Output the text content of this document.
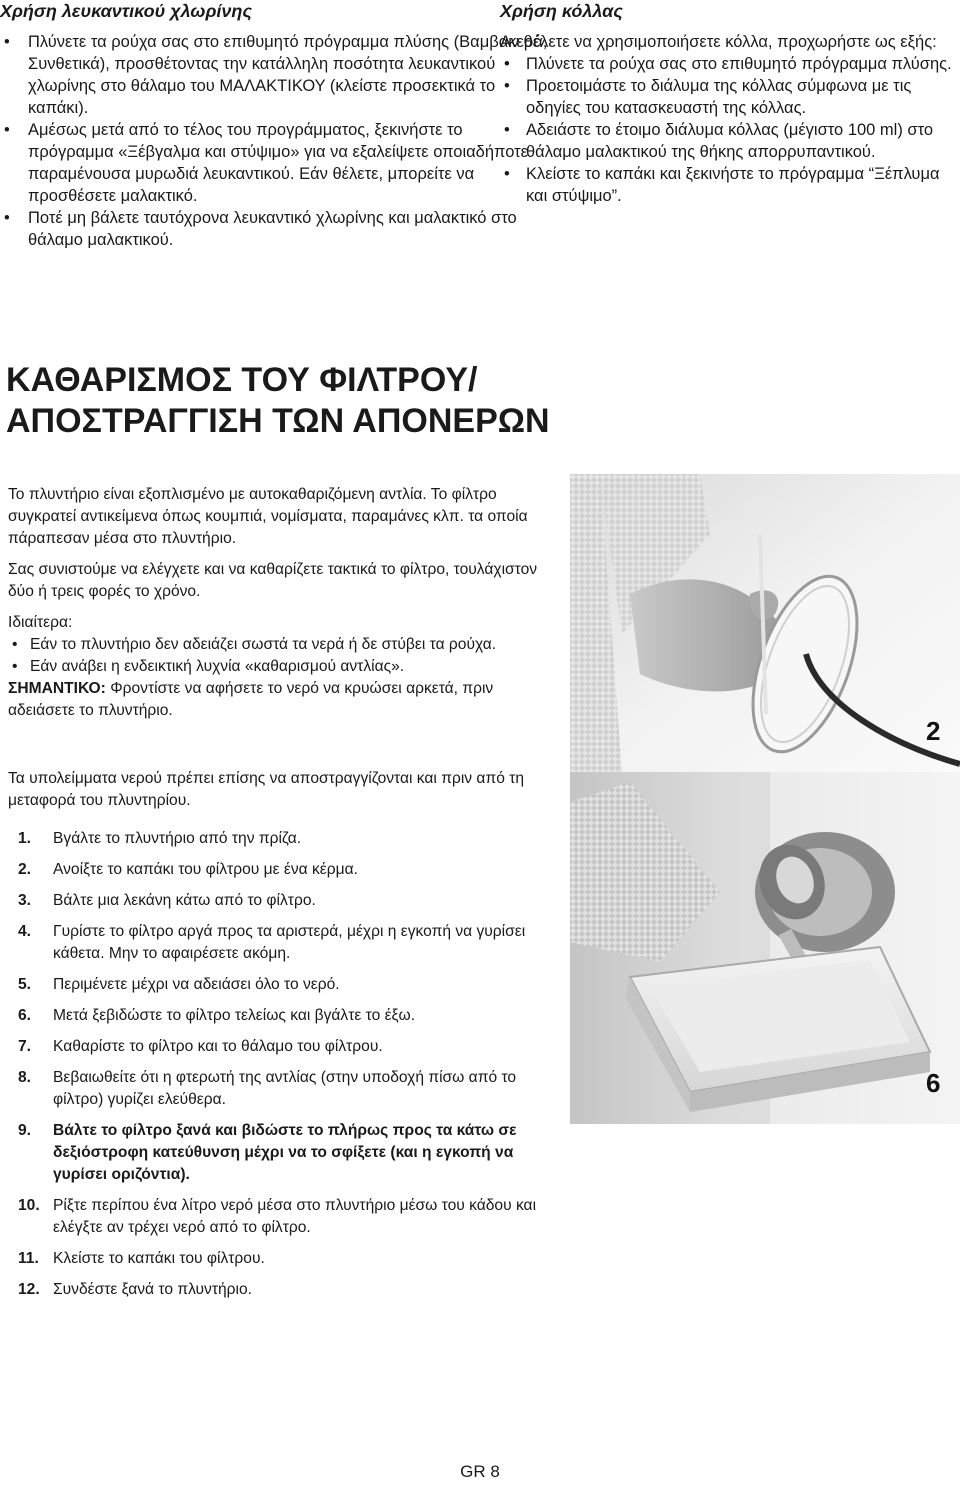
Χρήση λευκαντικού χλωρίνης
• Πλύνετε τα ρούχα σας στο επιθυμητό πρόγραμμα πλύσης (Βαμβακερά, Συνθετικά), προσθέτοντας την κατάλληλη ποσότητα λευκαντικού χλωρίνης στο θάλαμο του ΜΑΛΑΚΤΙΚΟΥ (κλείστε προσεκτικά το καπάκι).
• Αμέσως μετά από το τέλος του προγράμματος, ξεκινήστε το πρόγραμμα «Ξέβγαλμα και στύψιμο» για να εξαλείψετε οποιαδήποτε παραμένουσα μυρωδιά λευκαντικού. Εάν θέλετε, μπορείτε να προσθέσετε μαλακτικό.
• Ποτέ μη βάλετε ταυτόχρονα λευκαντικό χλωρίνης και μαλακτικό στο θάλαμο μαλακτικού.
Χρήση κόλλας

Αν θέλετε να χρησιμοποιήσετε κόλλα, προχωρήστε ως εξής:

• Πλύνετε τα ρούχα σας στο επιθυμητό πρόγραμμα πλύσης.
• Προετοιμάστε το διάλυμα της κόλλας σύμφωνα με τις οδηγίες του κατασκευαστή της κόλλας.
• Αδειάστε το έτοιμο διάλυμα κόλλας (μέγιστο 100 ml) στο θάλαμο μαλακτικού της θήκης απορρυπαντικού.
• Κλείστε το καπάκι και ξεκινήστε το πρόγραμμα “Ξέπλυμα και στύψιμο”.
ΚΑΘΑΡΙΣΜΟΣ ΤΟΥ ΦΙΛΤΡΟΥ/
ΑΠΟΣΤΡΑΓΓΙΣΗ ΤΩΝ ΑΠΟΝΕΡΩΝ

Το πλυντήριο είναι εξοπλισμένο με αυτοκαθαριζόμενη αντλία. Το φίλτρο συγκρατεί αντικείμενα όπως κουμπιά, νομίσματα, παραμάνες κλπ. τα οποία πάραπεσαν μέσα στο πλυντήριο.

Σας συνιστούμε να ελέγχετε και να καθαρίζετε τακτικά το φίλτρο, τουλάχιστον δύο ή τρεις φορές το χρόνο.

Ιδιαίτερα:

• Εάν το πλυντήριο δεν αδειάζει σωστά τα νερά ή δε στύβει τα ρούχα.
• Εάν ανάβει η ενδεικτική λυχνία «καθαρισμού αντλίας».

ΣΗΜΑΝΤΙΚΟ: Φροντίστε να αφήσετε το νερό να κρυώσει αρκετά, πριν αδειάσετε το πλυντήριο.

Τα υπολείμματα νερού πρέπει επίσης να αποστραγγίζονται και πριν από τη μεταφορά του πλυντηρίου.

1. Βγάλτε το πλυντήριο από την πρίζα.
2. Ανοίξτε το καπάκι του φίλτρου με ένα κέρμα.
3. Βάλτε μια λεκάνη κάτω από το φίλτρο.
4. Γυρίστε το φίλτρο αργά προς τα αριστερά, μέχρι η εγκοπή να γυρίσει κάθετα. Μην το αφαιρέσετε ακόμη.
5. Περιμένετε μέχρι να αδειάσει όλο το νερό.
6. Μετά ξεβιδώστε το φίλτρο τελείως και βγάλτε το έξω.
7. Καθαρίστε το φίλτρο και το θάλαμο του φίλτρου.
8. Βεβαιωθείτε ότι η φτερωτή της αντλίας (στην υποδοχή πίσω από το φίλτρο) γυρίζει ελεύθερα.
9. Βάλτε το φίλτρο ξανά και βιδώστε το πλήρως προς τα κάτω σε δεξιόστροφη κατεύθυνση μέχρι να το σφίξετε (και η εγκοπή να γυρίσει οριζόντια).
10. Ρίξτε περίπου ένα λίτρο νερό μέσα στο πλυντήριο μέσω του κάδου και ελέγξτε αν τρέχει νερό από το φίλτρο.
11. Κλείστε το καπάκι του φίλτρου.
12. Συνδέστε ξανά το πλυντήριο.
2
6

GR 8
